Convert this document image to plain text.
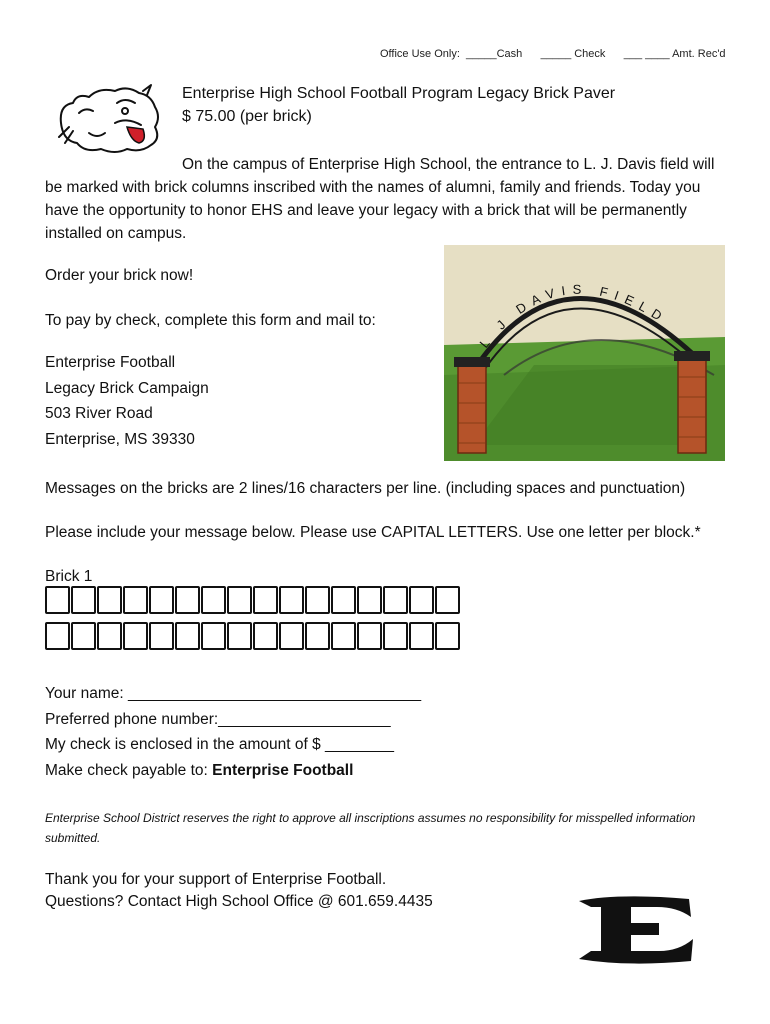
Office Use Only:  _____Cash      _____ Check      ___ ____ Amt. Rec'd
Enterprise High School Football Program Legacy Brick Paver
$ 75.00 (per brick)
On the campus of Enterprise High School, the entrance to L. J. Davis field will be marked with brick columns inscribed with the names of alumni, family and friends. Today you have the opportunity to honor EHS and leave your legacy with a brick that will be permanently installed on campus.
Order your brick now!
To pay by check, complete this form and mail to:
Enterprise Football
Legacy Brick Campaign
503 River Road
Enterprise, MS 39330
L J DAVIS FIELD
Messages on the bricks are 2 lines/16 characters per line. (including spaces and punctuation)
Please include your message below. Please use CAPITAL LETTERS. Use one letter per block.*
Brick 1
Your name: __________________________________
Preferred phone number:____________________
My check is enclosed in the amount of $ ________
Make check payable to: Enterprise Football
Enterprise School District reserves the right to approve all inscriptions assumes no responsibility for misspelled information submitted.
Thank you for your support of Enterprise Football.
Questions? Contact High School Office @ 601.659.4435
